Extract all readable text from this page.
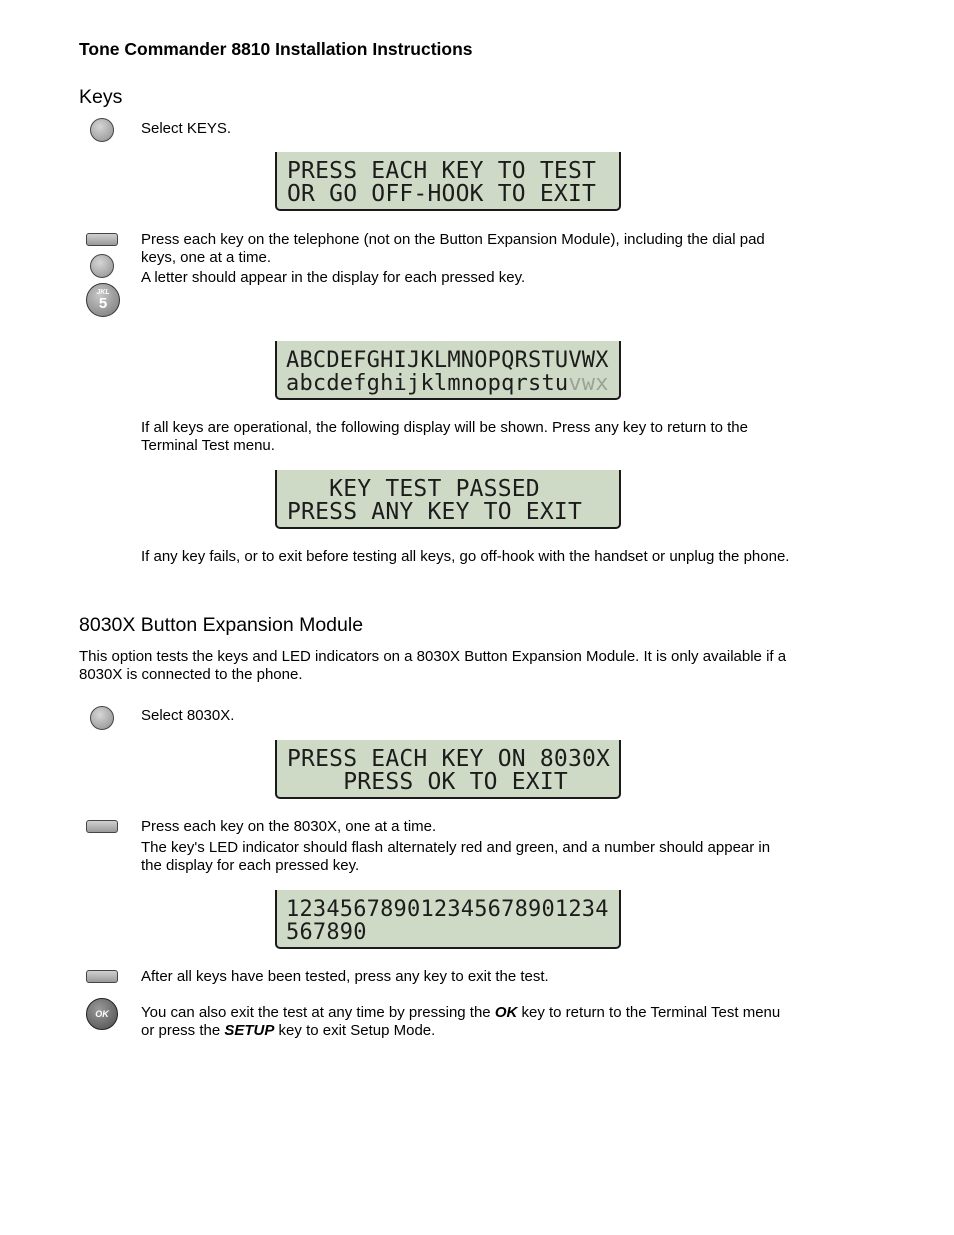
Tone Commander 8810 Installation Instructions
Keys
Select KEYS.
PRESS EACH KEY TO TEST
OR GO OFF-HOOK TO EXIT
JKL
5
Press each key on the telephone (not on the Button Expansion Module), including the dial pad
keys, one at a time.
A letter should appear in the display for each pressed key.
ABCDEFGHIJKLMNOPQRSTUVWX
abcdefghijklmnopqrstuvwx
If all keys are operational, the following display will be shown. Press any key to return to the
Terminal Test menu.
KEY TEST PASSED
PRESS ANY KEY TO EXIT
If any key fails, or to exit before testing all keys, go off-hook with the handset or unplug the phone.
8030X Button Expansion Module
This option tests the keys and LED indicators on a 8030X Button Expansion Module. It is only available if a
8030X is connected to the phone.
Select 8030X.
PRESS EACH KEY ON 8030X
PRESS OK TO EXIT
Press each key on the 8030X, one at a time.
The key's LED indicator should flash alternately red and green, and a number should appear in
the display for each pressed key.
123456789012345678901234
567890
After all keys have been tested, press any key to exit the test.
OK	You can also exit the test at any time by pressing the OK key to return to the Terminal Test menu
or press the SETUP key to exit Setup Mode.
